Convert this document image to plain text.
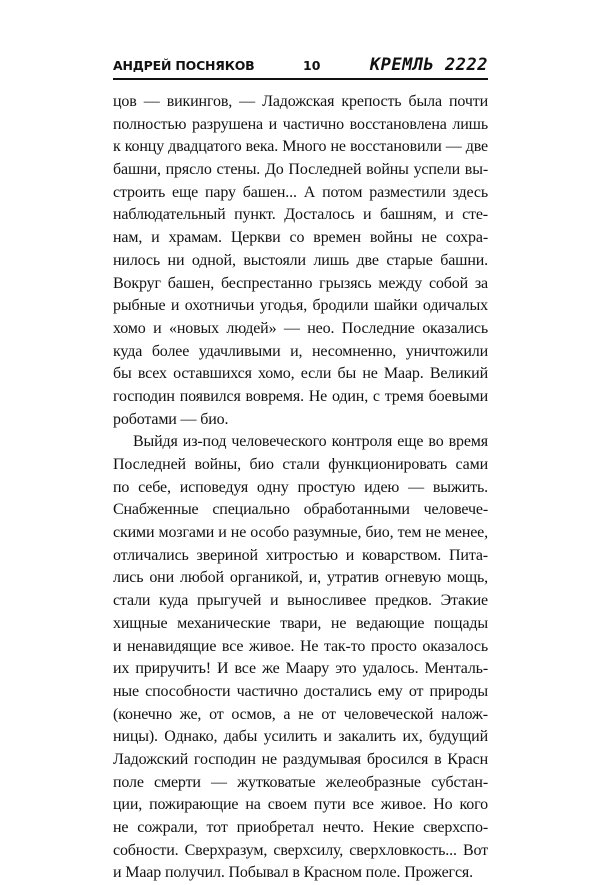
АНДРЕЙ ПОСНЯКОВ	10	КРЕМЛЬ 2222
цов — викингов, — Ладожская крепость была почти
полностью разрушена и частично восстановлена лишь
к концу двадцатого века. Много не восстановили — две
башни, прясло стены. До Последней войны успели вы-
строить еще пару башен... А потом разместили здесь
наблюдательный пункт. Досталось и башням, и сте-
нам, и храмам. Церкви со времен войны не сохра-
нилось ни одной, выстояли лишь две старые башни.
Вокруг башен, беспрестанно грызясь между собой за
рыбные и охотничьи угодья, бродили шайки одичалых
хомо и «новых людей» — нео. Последние оказались
куда более удачливыми и, несомненно, уничтожили
бы всех оставшихся хомо, если бы не Маар. Великий
господин появился вовремя. Не один, с тремя боевыми
роботами — био.
Выйдя из-под человеческого контроля еще во время
Последней войны, био стали функционировать сами
по себе, исповедуя одну простую идею — выжить.
Снабженные специально обработанными человече-
скими мозгами и не особо разумные, био, тем не менее,
отличались звериной хитростью и коварством. Пита-
лись они любой органикой, и, утратив огневую мощь,
стали куда прыгучей и выносливее предков. Этакие
хищные механические твари, не ведающие пощады
и ненавидящие все живое. Не так-то просто оказалось
их приручить! И все же Маару это удалось. Менталь-
ные способности частично достались ему от природы
(конечно же, от осмов, а не от человеческой налож-
ницы). Однако, дабы усилить и закалить их, будущий
Ладожский господин не раздумывая бросился в Красн
поле смерти — жутковатые желеобразные субстан-
ции, пожирающие на своем пути все живое. Но кого
не сожрали, тот приобретал нечто. Некие сверхспо-
собности. Сверхразум, сверхсилу, сверхловкость... Вот
и Маар получил. Побывал в Красном поле. Прожегся.
